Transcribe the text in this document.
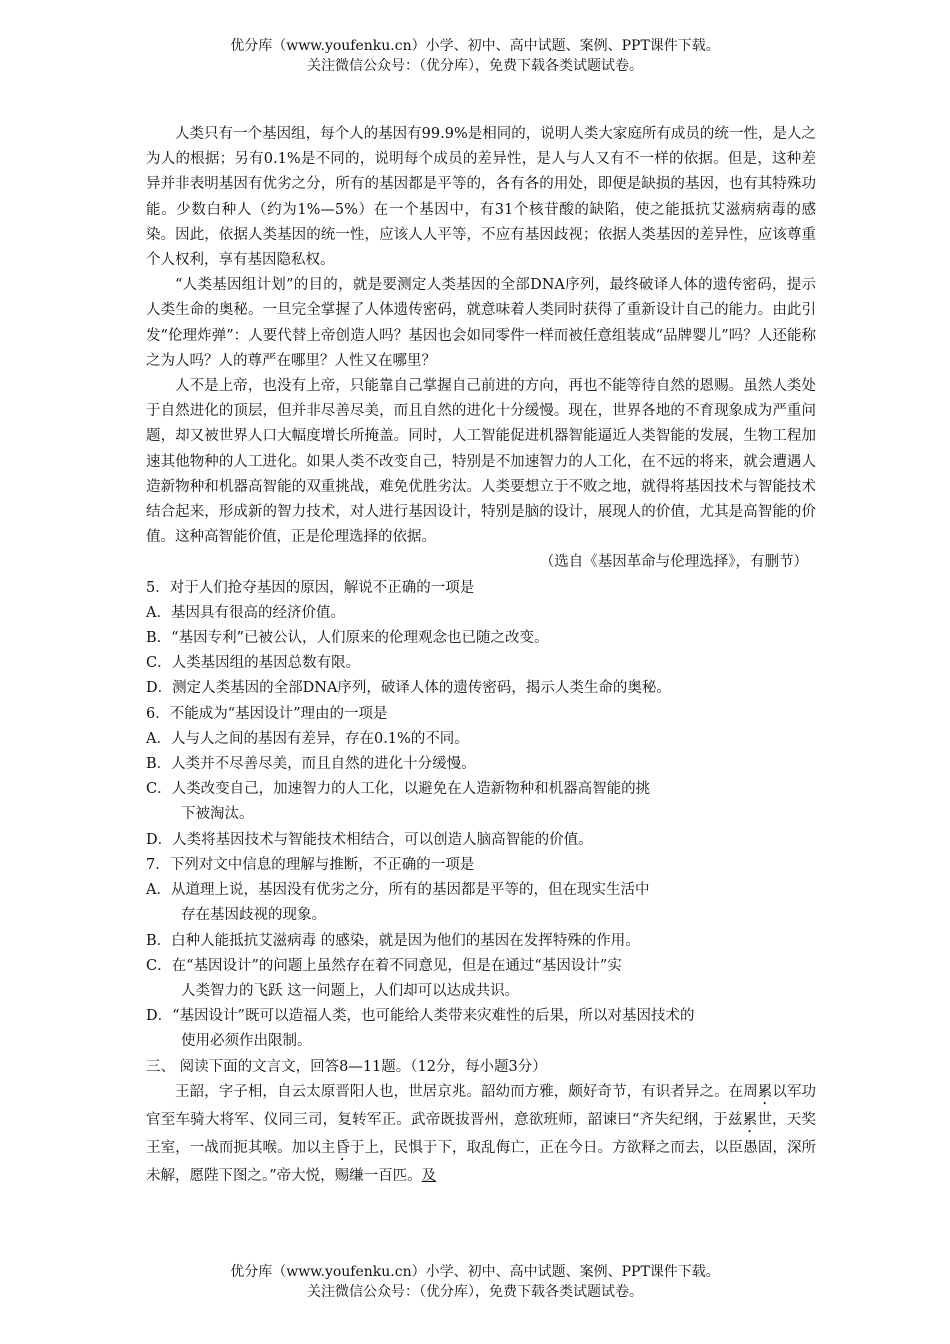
优分库（www.youfenku.cn）小学、初中、高中试题、案例、PPT课件下载。
关注微信公众号：（优分库），免费下载各类试题试卷。

人类只有一个基因组，每个人的基因有99.9%是相同的，说明人类大家庭所有成员的统一性，是人之为人的根据；另有0.1%是不同的，说明每个成员的差异性，是人与人又有不一样的依据。但是，这种差异并非表明基因有优劣之分，所有的基因都是平等的，各有各的用处，即便是缺损的基因，也有其特殊功能。少数白种人（约为1%—5%）在一个基因中，有31个核苷酸的缺陷，使之能抵抗艾滋病病毒的感染。因此，依据人类基因的统一性，应该人人平等，不应有基因歧视；依据人类基因的差异性，应该尊重个人权利，享有基因隐私权。

“人类基因组计划”的目的，就是要测定人类基因的全部DNA序列，最终破译人体的遗传密码，提示人类生命的奥秘。一旦完全掌握了人体遗传密码，就意味着人类同时获得了重新设计自己的能力。由此引发“伦理炸弹”：人要代替上帝创造人吗？基因也会如同零件一样而被任意组装成“品牌婴儿”吗？人还能称之为人吗？人的尊严在哪里？人性又在哪里？

人不是上帝，也没有上帝，只能靠自己掌握自己前进的方向，再也不能等待自然的恩赐。虽然人类处于自然进化的顶层，但并非尽善尽美，而且自然的进化十分缓慢。现在，世界各地的不育现象成为严重问题，却又被世界人口大幅度增长所掩盖。同时，人工智能促进机器智能逼近人类智能的发展，生物工程加速其他物种的人工进化。如果人类不改变自己，特别是不加速智力的人工化，在不远的将来，就会遭遇人造新物种和机器高智能的双重挑战，难免优胜劣汰。人类要想立于不败之地，就得将基因技术与智能技术结合起来，形成新的智力技术，对人进行基因设计，特别是脑的设计，展现人的价值，尤其是高智能的价值。这种高智能价值，正是伦理选择的依据。

（选自《基因革命与伦理选择》，有删节）

5．对于人们抢夺基因的原因，解说不正确的一项是

A．基因具有很高的经济价值。

B．“基因专利”已被公认，人们原来的伦理观念也已随之改变。

C．人类基因组的基因总数有限。

D．测定人类基因的全部DNA序列，破译人体的遗传密码，揭示人类生命的奥秘。

6．不能成为“基因设计”理由的一项是

A．人与人之间的基因有差异，存在0.1%的不同。

B．人类并不尽善尽美，而且自然的进化十分缓慢。

C．人类改变自己，加速智力的人工化，以避免在人造新物种和机器高智能的挑
下被淘汰。

D．人类将基因技术与智能技术相结合，可以创造人脑高智能的价值。

7．下列对文中信息的理解与推断，不正确的一项是

A．从道理上说，基因没有优劣之分，所有的基因都是平等的，但在现实生活中
存在基因歧视的现象。

B．白种人能抵抗艾滋病毒 的感染，就是因为他们的基因在发挥特殊的作用。

C．在“基因设计”的问题上虽然存在着不同意见，但是在通过“基因设计”实
人类智力的飞跃 这一问题上，人们却可以达成共识。

D．“基因设计”既可以造福人类，也可能给人类带来灾难性的后果，所以对基因技术的
使用必须作出限制。

三、 阅读下面的文言文，回答8—11题。（12分，每小题3分）

王韶，字子相，自云太原晋阳人也，世居京兆。韶幼而方雅，颇好奇节，有识者异之。在周累以军功官至车骑大将军、仪同三司，复转军正。武帝既拔晋州，意欲班师，韶谏曰“齐失纪纲，于兹累世，天奖王室，一战而扼其喉。加以主昏于上，民惧于下，取乱侮亡，正在今日。方欲释之而去，以臣愚固，深所未解，愿陛下图之。”帝大悦，赐缣一百匹。及

优分库（www.youfenku.cn）小学、初中、高中试题、案例、PPT课件下载。
关注微信公众号：（优分库），免费下载各类试题试卷。
